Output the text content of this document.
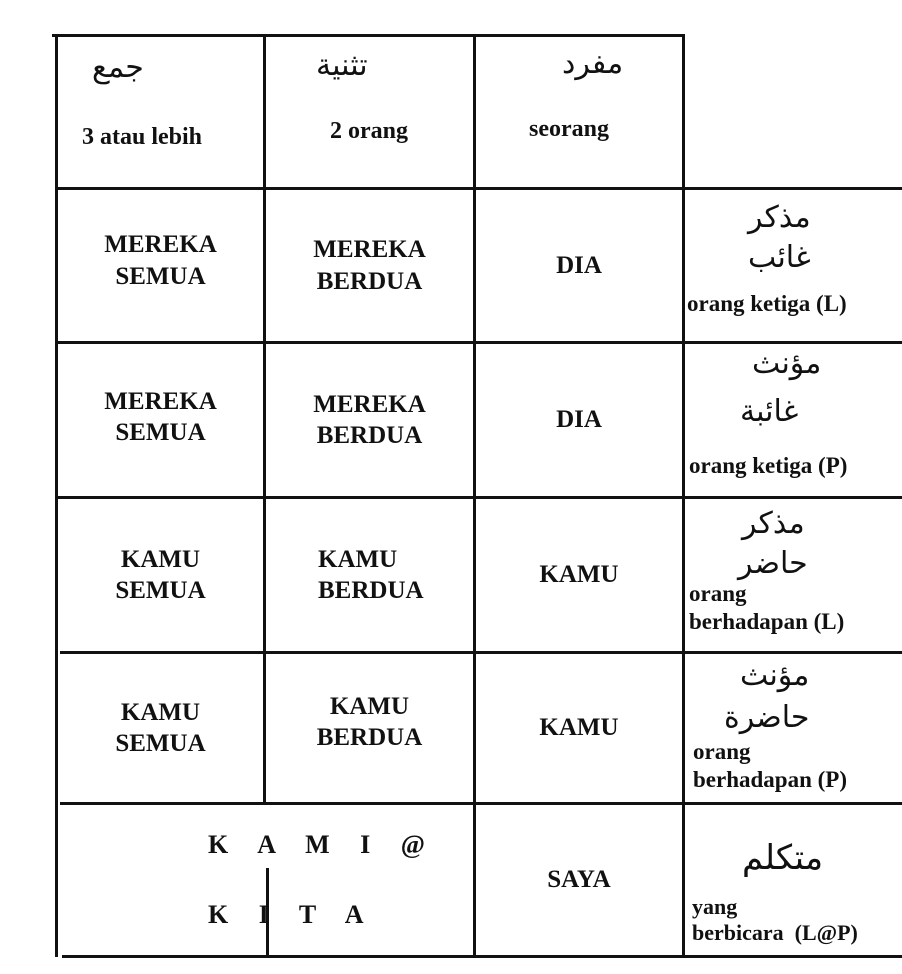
جمع
3 atau lebih
تثنية
2 orang
مفرد
seorang
MEREKA
SEMUA
MEREKA
BERDUA
DIA
مذكر
غائب
orang ketiga (L)
MEREKA
SEMUA
MEREKA
BERDUA
DIA
مؤنث
غائبة
orang ketiga (P)
KAMU
SEMUA
KAMU
BERDUA
KAMU
مذكر
حاضر
orang
berhadapan (L)
KAMU
SEMUA
KAMU
BERDUA	KAMU
مؤنث
حاضرة
orang
berhadapan (P)
K A M I @
K I T A
SAYA
متكلم
yang
berbicara  (L@P)
